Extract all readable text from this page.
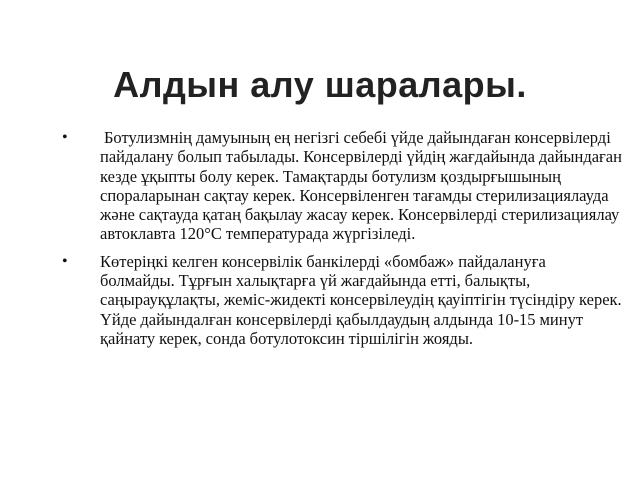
Алдын алу шаралары.
• Ботулизмнің дамуының ең негізгі себебі үйде дайындаған консервілерді пайдалану болып табылады. Консервілерді үйдің жағдайында дайындаған кезде ұқыпты болу керек. Тамақтарды ботулизм қоздырғышының спораларынан сақтау керек. Консервіленген тағамды стерилизациялауда және сақтауда қатаң бақылау жасау керек. Консервілерді стерилизациялау автоклавта 120°С температурада жүргізіледі.
• Көтеріңкі келген консервілік банкілерді «бомбаж» пайдалануға болмайды. Тұрғын халықтарға үй жағдайында етті, балықты, саңырауқұлақты, жеміс-жидекті консервілеудің қауіптігін түсіндіру керек. Үйде дайындалған консервілерді қабылдаудың алдында 10-15 минут қайнату керек, сонда ботулотоксин тіршілігін жояды.
